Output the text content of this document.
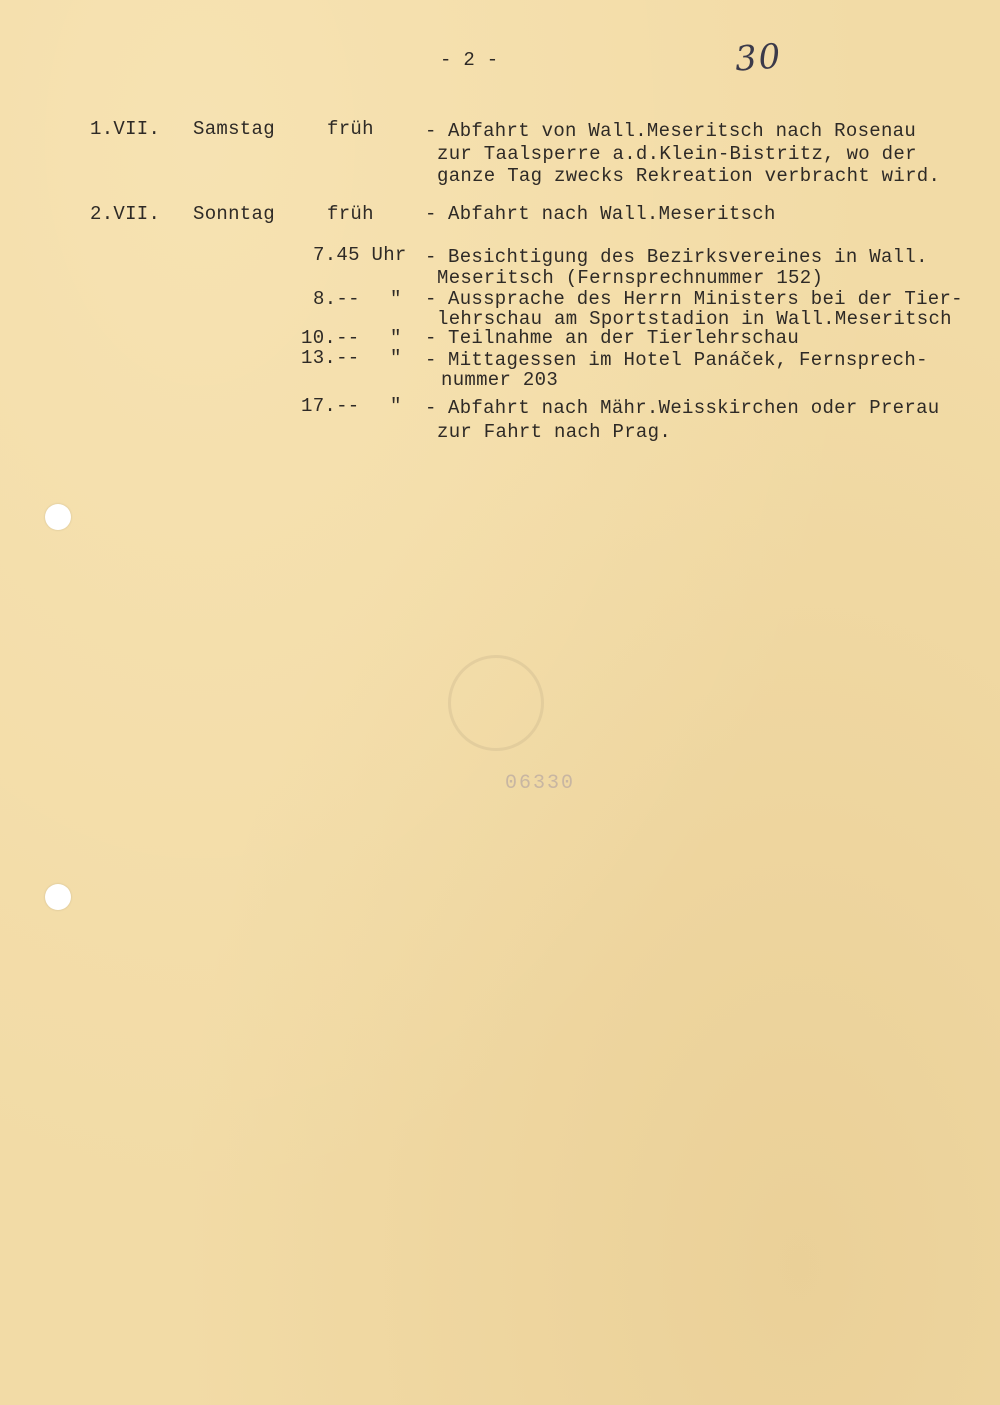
06330
- 2 -	30
1.VII. Samstag	früh	- Abfahrt von Wall.Meseritsch nach Rosenau
zur Taalsperre a.d.Klein-Bistritz, wo der
ganze Tag zwecks Rekreation verbracht wird.
2.VII. Sonntag	früh	- Abfahrt nach Wall.Meseritsch
7.45 Uhr - Besichtigung des Bezirksvereines in Wall.
Meseritsch (Fernsprechnummer 152)
8.-- " - Aussprache des Herrn Ministers bei der Tier-
lehrschau am Sportstadion in Wall.Meseritsch
10.-- " - Teilnahme an der Tierlehrschau
13.-- " - Mittagessen im Hotel Panáček, Fernsprech-
nummer 203
17.-- " - Abfahrt nach Mähr.Weisskirchen oder Prerau
zur Fahrt nach Prag.
